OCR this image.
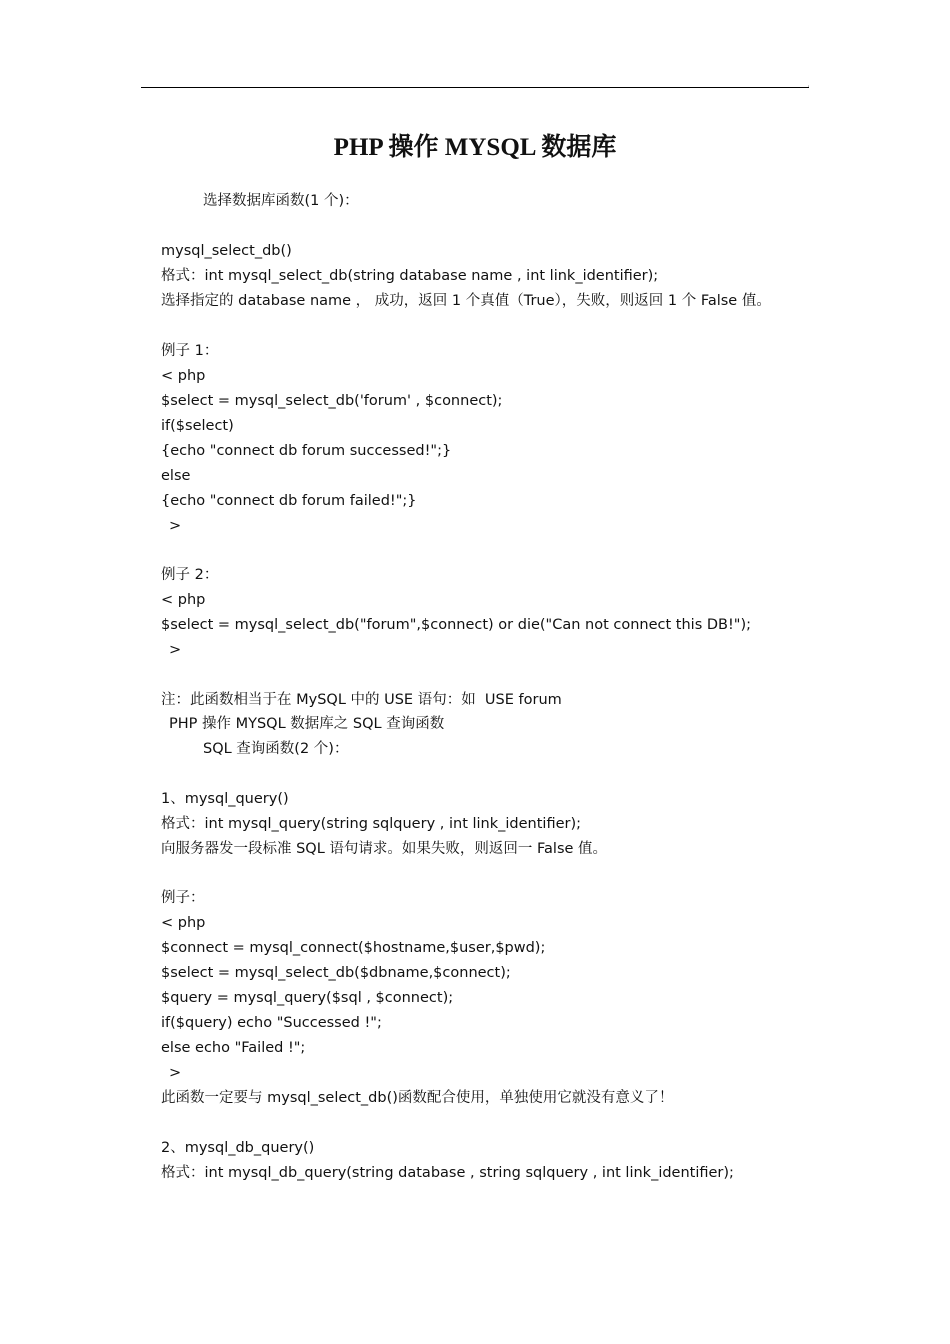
'
PHP 操作 MYSQL 数据库

选择数据库函数(1 个)：

mysql_select_db()

格式：int mysql_select_db(string database name , int link_identifier);

选择指定的 database name ， 成功，返回 1 个真值（True），失败，则返回 1 个 False 值。

例子 1：

< php

$select = mysql_select_db('forum' , $connect);

if($select)

{echo "connect db forum successed!";}

else

{echo "connect db forum failed!";}

>

例子 2：

< php

$select = mysql_select_db("forum",$connect) or die("Can not connect this DB!");

>

注：此函数相当于在 MySQL 中的 USE 语句：如  USE forum

PHP 操作 MYSQL 数据库之 SQL 查询函数

SQL 查询函数(2 个)：

1、mysql_query()

格式：int mysql_query(string sqlquery , int link_identifier);

向服务器发一段标准 SQL 语句请求。如果失败，则返回一 False 值。

例子：

< php

$connect = mysql_connect($hostname,$user,$pwd);

$select = mysql_select_db($dbname,$connect);

$query = mysql_query($sql , $connect);

if($query) echo "Successed !";

else echo "Failed !";

>

此函数一定要与 mysql_select_db()函数配合使用，单独使用它就没有意义了！

2、mysql_db_query()

格式：int mysql_db_query(string database , string sqlquery , int link_identifier);
